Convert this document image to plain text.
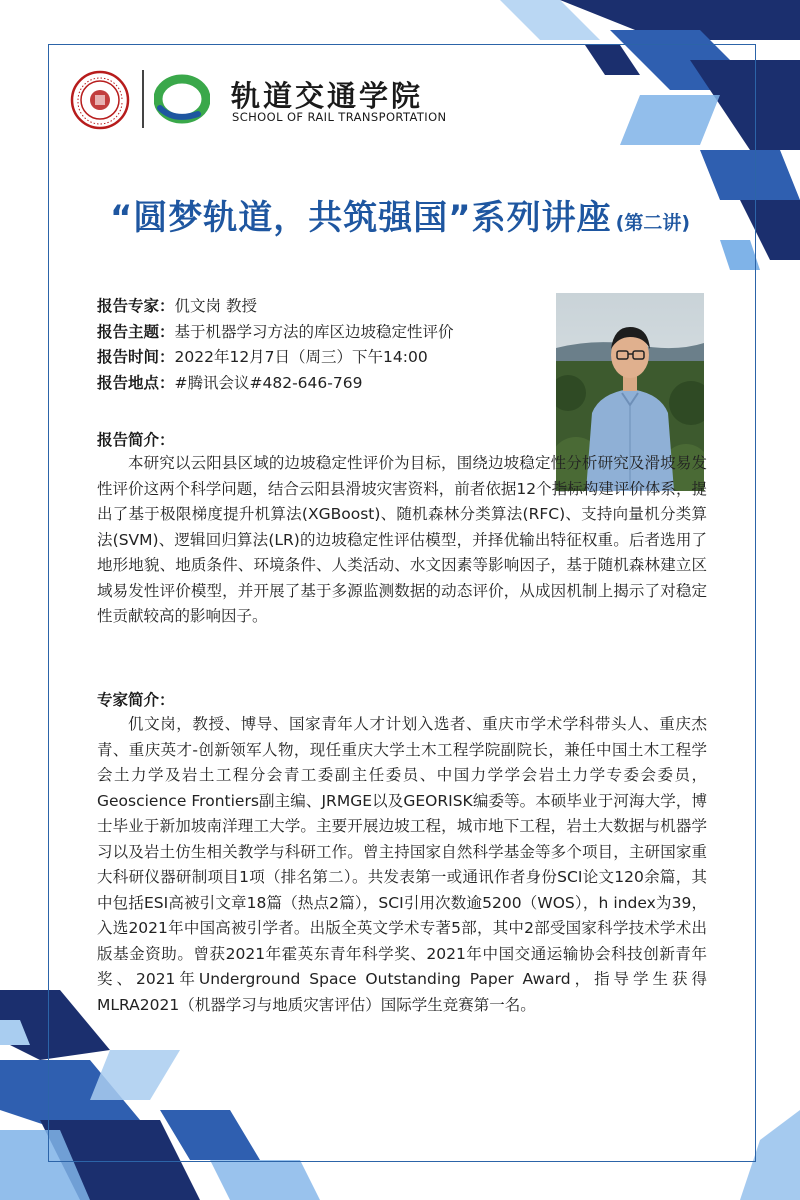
轨道交通学院
SCHOOL OF RAIL TRANSPORTATION
“圆梦轨道，共筑强国”系列讲座 (第二讲)
报告专家：仉文岗 教授
报告主题：基于机器学习方法的库区边坡稳定性评价
报告时间：2022年12月7日（周三）下午14:00
报告地点：#腾讯会议#482-646-769
报告简介：

本研究以云阳县区域的边坡稳定性评价为目标，围绕边坡稳定性分析研究及滑坡易发性评价这两个科学问题，结合云阳县滑坡灾害资料，前者依据12个指标构建评价体系，提出了基于极限梯度提升机算法(XGBoost)、随机森林分类算法(RFC)、支持向量机分类算法(SVM)、逻辑回归算法(LR)的边坡稳定性评估模型，并择优输出特征权重。后者选用了地形地貌、地质条件、环境条件、人类活动、水文因素等影响因子，基于随机森林建立区域易发性评价模型，并开展了基于多源监测数据的动态评价，从成因机制上揭示了对稳定性贡献较高的影响因子。

专家简介：

仉文岗，教授、博导、国家青年人才计划入选者、重庆市学术学科带头人、重庆杰青、重庆英才-创新领军人物，现任重庆大学土木工程学院副院长，兼任中国土木工程学会土力学及岩土工程分会青工委副主任委员、中国力学学会岩土力学专委会委员，Geoscience Frontiers副主编、JRMGE以及GEORISK编委等。本硕毕业于河海大学，博士毕业于新加坡南洋理工大学。主要开展边坡工程，城市地下工程，岩土大数据与机器学习以及岩土仿生相关教学与科研工作。曾主持国家自然科学基金等多个项目，主研国家重大科研仪器研制项目1项（排名第二）。共发表第一或通讯作者身份SCI论文120余篇，其中包括ESI高被引文章18篇（热点2篇），SCI引用次数逾5200（WOS），h index为39，入选2021年中国高被引学者。出版全英文学术专著5部，其中2部受国家科学技术学术出版基金资助。曾获2021年霍英东青年科学奖、2021年中国交通运输协会科技创新青年奖、2021年Underground Space Outstanding Paper Award，指导学生获得MLRA2021（机器学习与地质灾害评估）国际学生竞赛第一名。
